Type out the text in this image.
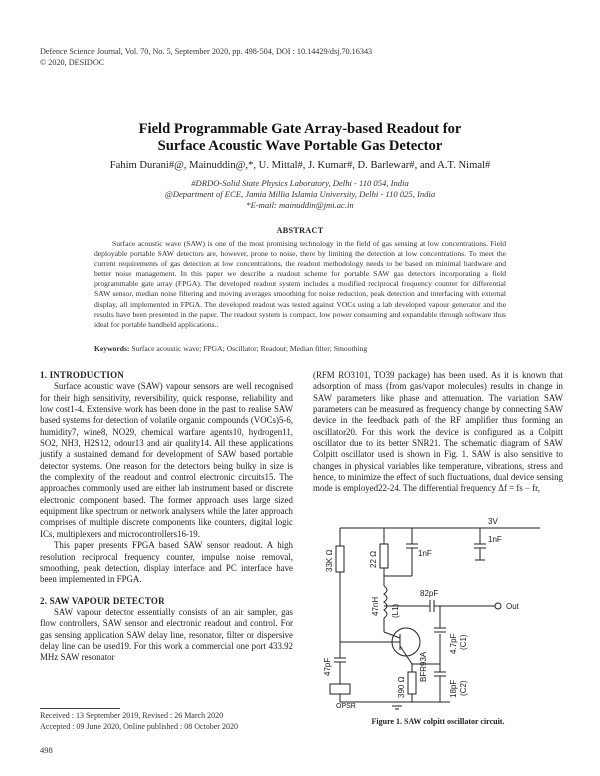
Defence Science Journal, Vol. 70, No. 5, September 2020, pp. 498-504, DOI : 10.14429/dsj.70.16343
© 2020, DESIDOC
Field Programmable Gate Array-based Readout for
Surface Acoustic Wave Portable Gas Detector
Fahim Durani#@, Mainuddin@,*, U. Mittal#, J. Kumar#, D. Barlewar#, and A.T. Nimal#
#DRDO-Solid State Physics Laboratory, Delhi - 110 054, India
@Department of ECE, Jamia Millia Islamia University, Delhi - 110 025, India
*E-mail: mainuddin@jmi.ac.in
ABSTRACT

Surface acoustic wave (SAW) is one of the most promising technology in the field of gas sensing at low concentrations. Field deployable portable SAW detectors are, however, prone to noise, there by limiting the detection at low concentrations. To meet the current requirements of gas detection at low concentrations, the readout methodology needs to be based on minimal hardware and better noise management. In this paper we describe a readout scheme for portable SAW gas detectors incorporating a field programmable gate array (FPGA). The developed readout system includes a modified reciprocal frequency counter for differential SAW sensor, median noise filtering and moving averages smoothing for noise reduction, peak detection and interfacing with external display, all implemented in FPGA. The developed readout was tested against VOCs using a lab developed vapour generator and the results have been presented in the paper. The readout system is compact, low power consuming and expandable through software thus ideal for portable handheld applications..

Keywords: Surface acoustic wave; FPGA; Oscillator; Readout; Median filter; Smoothing

1. INTRODUCTION

Surface acoustic wave (SAW) vapour sensors are well recognised for their high sensitivity, reversibility, quick response, reliability and low cost1-4. Extensive work has been done in the past to realise SAW based systems for detection of volatile organic compounds (VOCs)5-6, humidity7, wine8, NO29, chemical warfare agents10, hydrogen11, SO2, NH3, H2S12, odour13 and air quality14. All these applications justify a sustained demand for development of SAW based portable detector systems. One reason for the detectors being bulky in size is the complexity of the readout and control electronic circuits15. The approaches commonly used are either lab instrument based or discrete electronic component based. The former approach uses large sized equipment like spectrum or network analysers while the later approach comprises of multiple discrete components like counters, digital logic ICs, multiplexers and microcontrollers16-19.

This paper presents FPGA based SAW sensor readout. A high resolution reciprocal frequency counter, impulse noise removal, smoothing, peak detection, display interface and PC interface have been implemented in FPGA.

2. SAW VAPOUR DETECTOR

SAW vapour detector essentially consists of an air sampler, gas flow controllers, SAW sensor and electronic readout and control. For gas sensing application SAW delay line, resonator, filter or dispersive delay line can be used19. For this work a commercial one port 433.92 MHz SAW resonator

(RFM RO3101, TO39 package) has been used. As it is known that adsorption of mass (from gas/vapor molecules) results in change in SAW parameters like phase and attenuation. The variation SAW parameters can be measured as frequency change by connecting SAW device in the feedback path of the RF amplifier thus forming an oscillator20. For this work the device is configured as a Colpitt oscillator due to its better SNR21. The schematic diagram of SAW Colpitt oscillator used is shown in Fig. 1. SAW is also sensitive to changes in physical variables like temperature, vibrations, stress and hence, to minimize the effect of such fluctuations, dual device sensing mode is employed22-24. The differential frequency Δf = fs − fr,

3V
33K Ω	22 Ω	1nF
1nF
47nH (L1)
82pF
Out
BFR93A
47pF
4.7pF (C1)
18pF (C2)
390 Ω
OPSR
Figure 1. SAW colpitt oscillator circuit.
Received : 13 September 2019, Revised : 26 March 2020
Accepted : 09 June 2020, Online published : 08 October 2020
498
